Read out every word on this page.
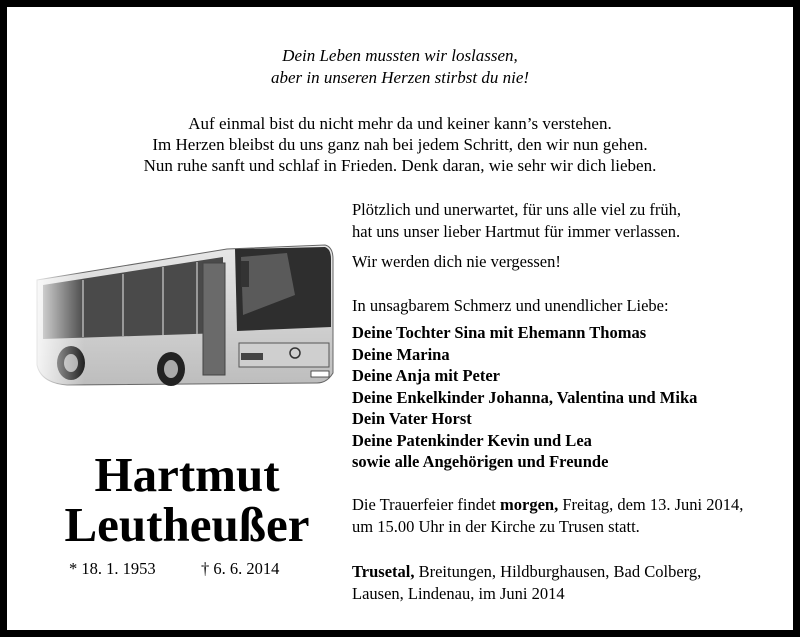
Dein Leben mussten wir loslassen,
aber in unseren Herzen stirbst du nie!
Auf einmal bist du nicht mehr da und keiner kann’s verstehen.
Im Herzen bleibst du uns ganz nah bei jedem Schritt, den wir nun gehen.
Nun ruhe sanft und schlaf in Frieden. Denk daran, wie sehr wir dich lieben.
Plötzlich und unerwartet, für uns alle viel zu früh,
hat uns unser lieber Hartmut für immer verlassen.
Wir werden dich nie vergessen!
In unsagbarem Schmerz und unendlicher Liebe:
Deine Tochter Sina mit Ehemann Thomas
Deine Marina
Deine Anja mit Peter
Deine Enkelkinder Johanna, Valentina und Mika
Dein Vater Horst
Deine Patenkinder Kevin und Lea
sowie alle Angehörigen und Freunde
Die Trauerfeier findet morgen, Freitag, dem 13. Juni 2014,
um 15.00 Uhr in der Kirche zu Trusen statt.
Trusetal, Breitungen, Hildburghausen, Bad Colberg,
Lausen, Lindenau, im Juni 2014
Hartmut
Leutheußer
* 18. 1. 1953	† 6. 6. 2014
